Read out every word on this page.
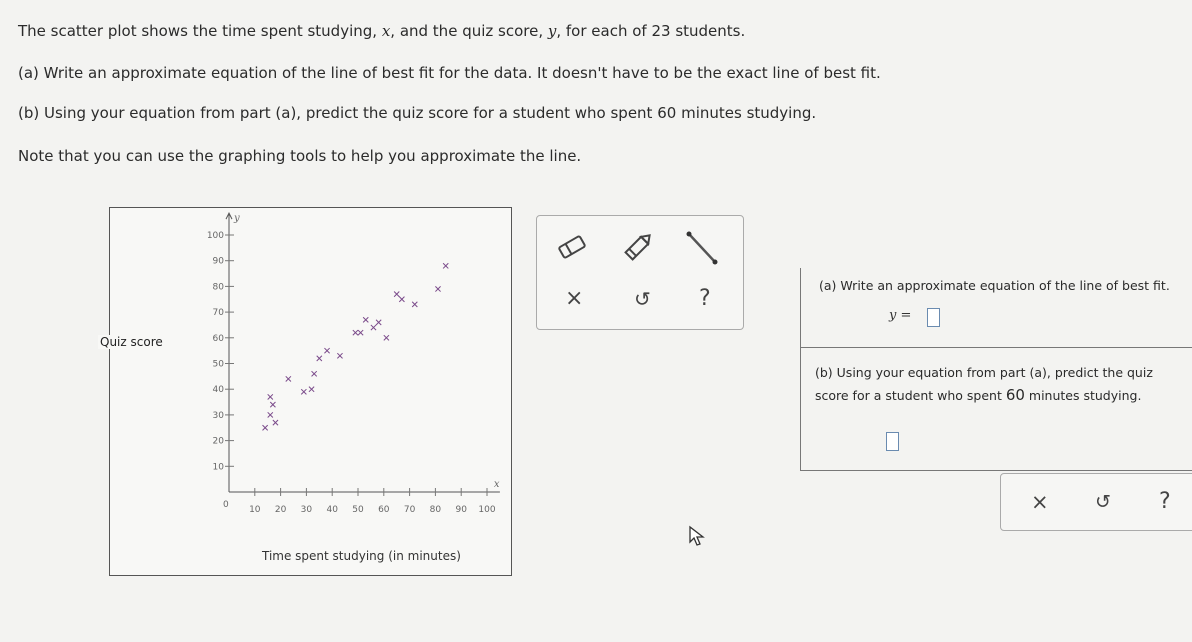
The scatter plot shows the time spent studying, x, and the quiz score, y, for each of 23 students.
(a) Write an approximate equation of the line of best fit for the data. It doesn't have to be the exact line of best fit.
(b) Using your equation from part (a), predict the quiz score for a student who spent 60 minutes studying.
Note that you can use the graphing tools to help you approximate the line.
y
x
0 10 20 30 40 50 60 70 80 90 100
10
20
30
40
50
60
70
80
90
100
Quiz score
Time spent studying (in minutes)
×	↺ ?
(a) Write an approximate equation of the line of best fit.
y =
(b) Using your equation from part (a), predict the quiz
score for a student who spent 60 minutes studying.
× ↺ ?
